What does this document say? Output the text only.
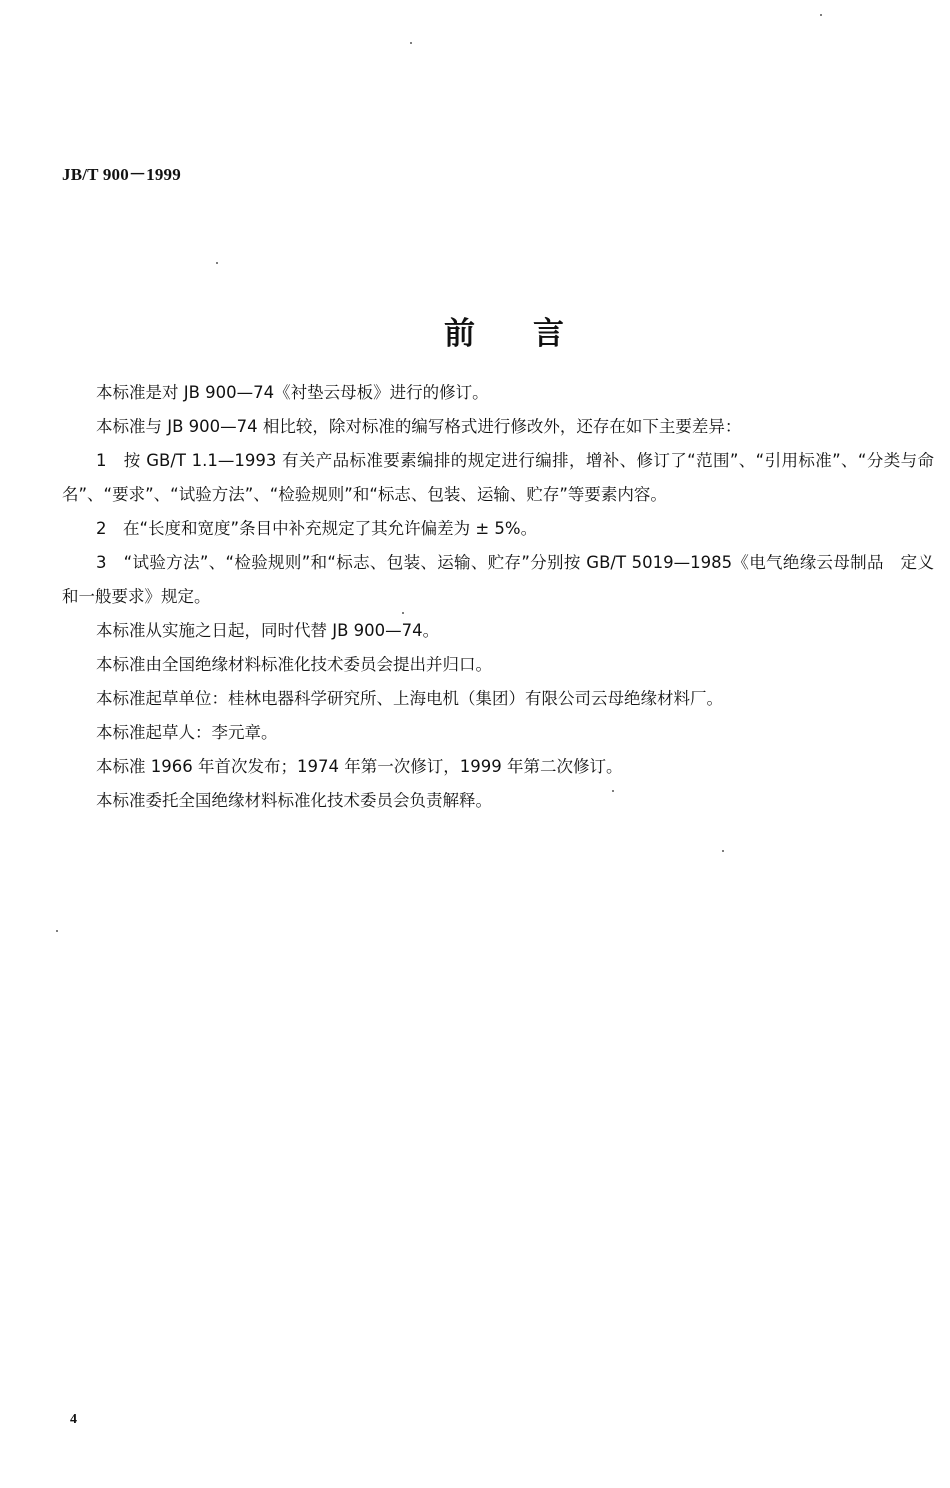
JB/T 900－1999
前言

本标准是对 JB 900—74《衬垫云母板》进行的修订。

本标准与 JB 900—74 相比较，除对标准的编写格式进行修改外，还存在如下主要差异：

1　按 GB/T 1.1—1993 有关产品标准要素编排的规定进行编排，增补、修订了“范围”、“引用标准”、“分类与命名”、“要求”、“试验方法”、“检验规则”和“标志、包装、运输、贮存”等要素内容。

2　在“长度和宽度”条目中补充规定了其允许偏差为 ± 5%。

3　“试验方法”、“检验规则”和“标志、包装、运输、贮存”分别按 GB/T 5019—1985《电气绝缘云母制品　定义和一般要求》规定。

本标准从实施之日起，同时代替 JB 900—74。

本标准由全国绝缘材料标准化技术委员会提出并归口。

本标准起草单位：桂林电器科学研究所、上海电机（集团）有限公司云母绝缘材料厂。

本标准起草人：李元章。

本标准 1966 年首次发布；1974 年第一次修订，1999 年第二次修订。

本标准委托全国绝缘材料标准化技术委员会负责解释。

4
